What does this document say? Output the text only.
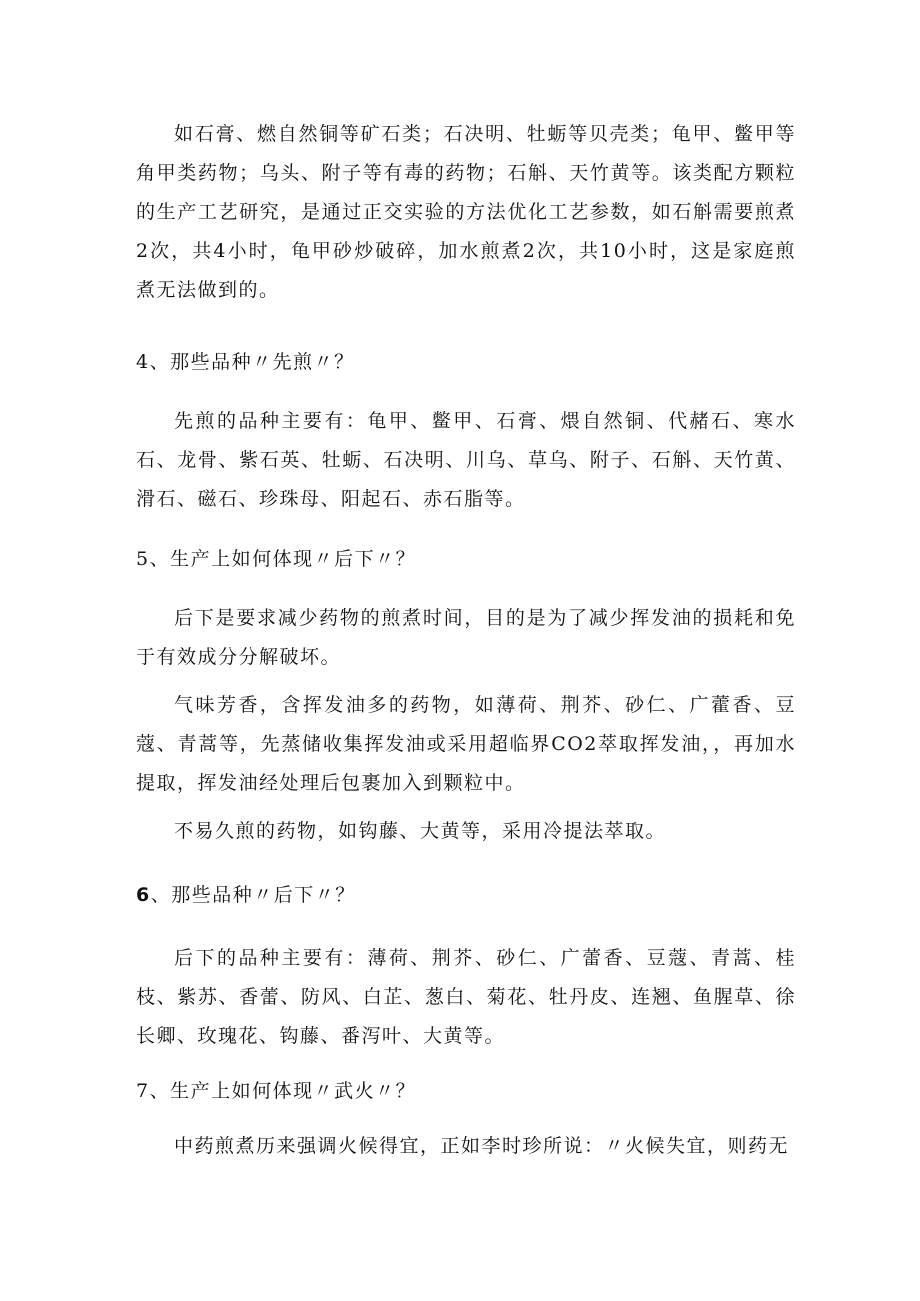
如石膏、燃自然铜等矿石类；石决明、牡蛎等贝壳类；龟甲、鳖甲等角甲类药物；乌头、附子等有毒的药物；石斛、天竹黄等。该类配方颗粒的生产工艺研究，是通过正交实验的方法优化工艺参数，如石斛需要煎煮2次，共4小时，龟甲砂炒破碎，加水煎煮2次，共10小时，这是家庭煎煮无法做到的。

4、那些品种〃先煎〃？

先煎的品种主要有：龟甲、鳖甲、石膏、煨自然铜、代赭石、寒水石、龙骨、紫石英、牡蛎、石决明、川乌、草乌、附子、石斛、天竹黄、滑石、磁石、珍珠母、阳起石、赤石脂等。

5、生产上如何体现〃后下〃？

后下是要求减少药物的煎煮时间，目的是为了减少挥发油的损耗和免于有效成分分解破坏。

气味芳香，含挥发油多的药物，如薄荷、荆芥、砂仁、广藿香、豆蔻、青蒿等，先蒸储收集挥发油或采用超临界CO2萃取挥发油，，再加水提取，挥发油经处理后包裹加入到颗粒中。

不易久煎的药物，如钩藤、大黄等，采用冷提法萃取。

6、那些品种〃后下〃？

后下的品种主要有：薄荷、荆芥、砂仁、广蕾香、豆蔻、青蒿、桂枝、紫苏、香蕾、防风、白芷、葱白、菊花、牡丹皮、连翘、鱼腥草、徐长卿、玫瑰花、钩藤、番泻叶、大黄等。

7、生产上如何体现〃武火〃？

中药煎煮历来强调火候得宜，正如李时珍所说：〃火候失宜，则药无
